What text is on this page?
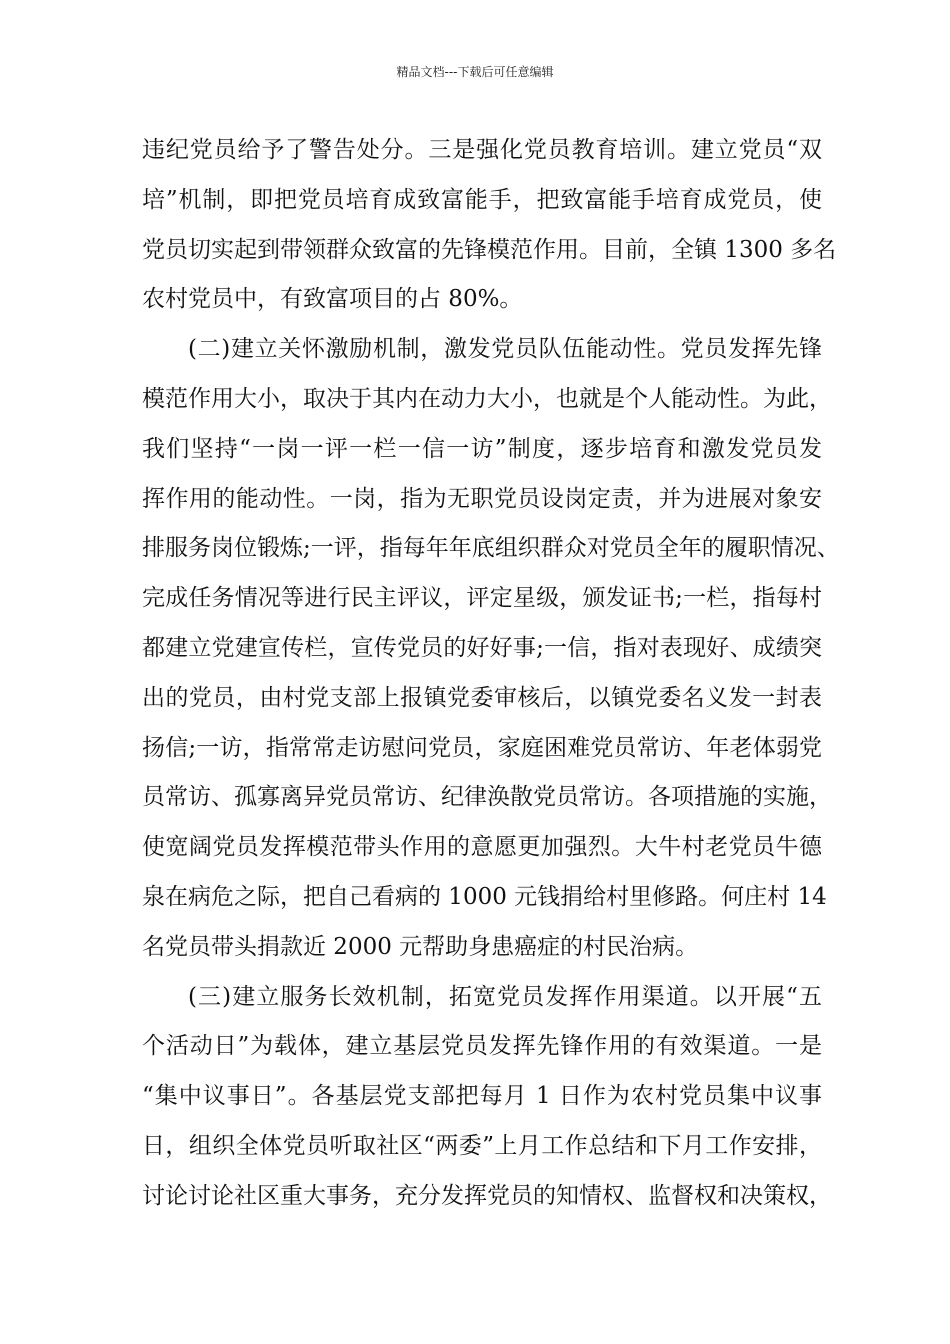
精品文档---下载后可任意编辑
违纪党员给予了警告处分。三是强化党员教育培训。建立党员“双
培”机制，即把党员培育成致富能手，把致富能手培育成党员，使
党员切实起到带领群众致富的先锋模范作用。目前，全镇 1300 多名
农村党员中，有致富项目的占 80%。
(二)建立关怀激励机制，激发党员队伍能动性。党员发挥先锋
模范作用大小，取决于其内在动力大小，也就是个人能动性。为此，
我们坚持“一岗一评一栏一信一访”制度，逐步培育和激发党员发
挥作用的能动性。一岗，指为无职党员设岗定责，并为进展对象安
排服务岗位锻炼;一评，指每年年底组织群众对党员全年的履职情况、
完成任务情况等进行民主评议，评定星级，颁发证书;一栏，指每村
都建立党建宣传栏，宣传党员的好好事;一信，指对表现好、成绩突
出的党员，由村党支部上报镇党委审核后，以镇党委名义发一封表
扬信;一访，指常常走访慰问党员，家庭困难党员常访、年老体弱党
员常访、孤寡离异党员常访、纪律涣散党员常访。各项措施的实施，
使宽阔党员发挥模范带头作用的意愿更加强烈。大牛村老党员牛德
泉在病危之际，把自己看病的 1000 元钱捐给村里修路。何庄村 14
名党员带头捐款近 2000 元帮助身患癌症的村民治病。
(三)建立服务长效机制，拓宽党员发挥作用渠道。以开展“五
个活动日”为载体，建立基层党员发挥先锋作用的有效渠道。一是
“集中议事日”。各基层党支部把每月 1 日作为农村党员集中议事
日，组织全体党员听取社区“两委”上月工作总结和下月工作安排，
讨论讨论社区重大事务，充分发挥党员的知情权、监督权和决策权，
